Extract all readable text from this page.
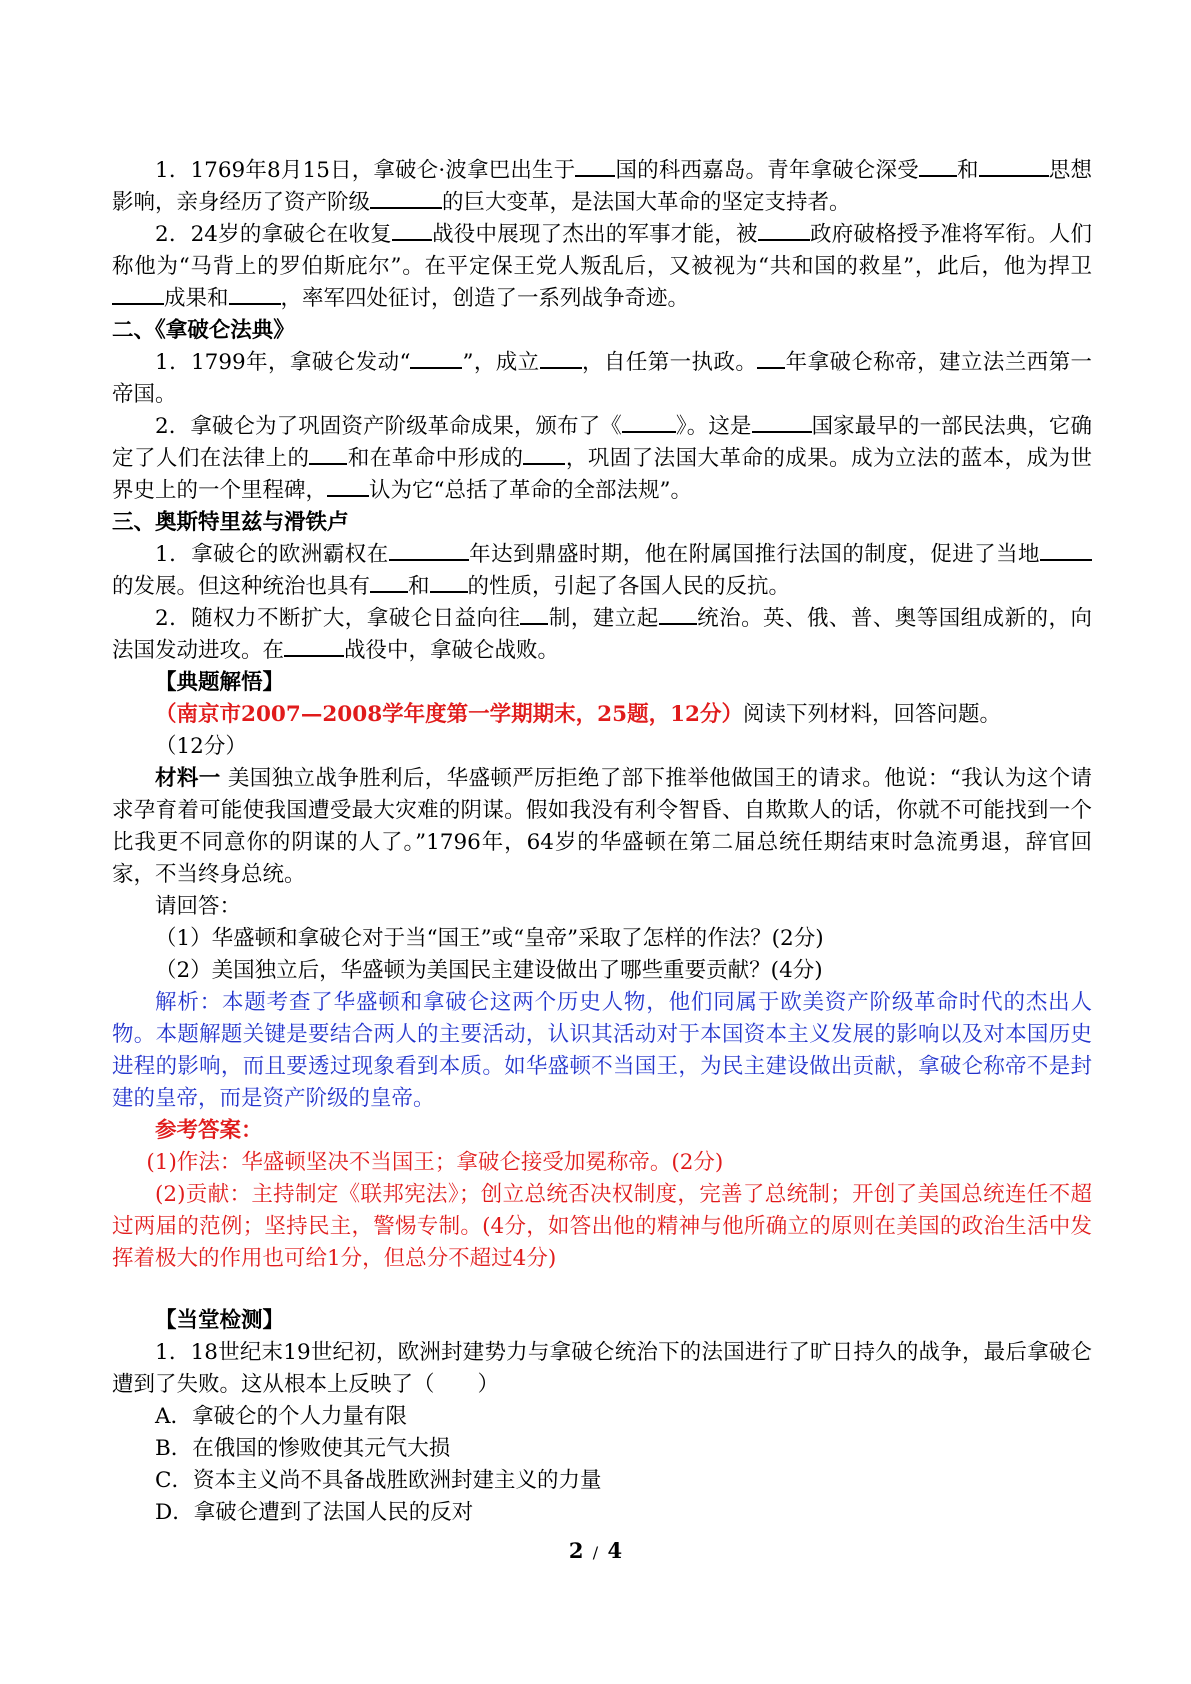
1．1769年8月15日，拿破仑·波拿巴出生于 国的科西嘉岛。青年拿破仑深受 和	思想影响，亲身经历了资产阶级	的巨大变革，是法国大革命的坚定支持者。

2．24岁的拿破仑在收复 战役中展现了杰出的军事才能，被 政府破格授予准将军衔。人们称他为“马背上的罗伯斯庇尔”。在平定保王党人叛乱后，又被视为“共和国的救星”，此后，他为捍卫成果和 ，率军四处征讨，创造了一系列战争奇迹。

二、《拿破仑法典》

1．1799年，拿破仑发动“ ”，成立 ，自任第一执政。 年拿破仑称帝，建立法兰西第一帝国。

2．拿破仑为了巩固资产阶级革命成果，颁布了《	》。这是	国家最早的一部民法典，它确定了人们在法律上的 和在革命中形成的 ，巩固了法国大革命的成果。成为立法的蓝本，成为世界史上的一个里程碑， 认为它“总括了革命的全部法规”。

三、奥斯特里兹与滑铁卢

1．拿破仑的欧洲霸权在	年达到鼎盛时期，他在附属国推行法国的制度，促进了当地的发展。但这种统治也具有 和 的性质，引起了各国人民的反抗。

2．随权力不断扩大，拿破仑日益向往 制，建立起 统治。英、俄、普、奥等国组成新的，向法国发动进攻。在	战役中，拿破仑战败。

【典题解悟】

（南京市2007—2008学年度第一学期期末，25题，12分）阅读下列材料，回答问题。

（12分）

材料一 美国独立战争胜利后，华盛顿严厉拒绝了部下推举他做国王的请求。他说：“我认为这个请求孕育着可能使我国遭受最大灾难的阴谋。假如我没有利令智昏、自欺欺人的话，你就不可能找到一个比我更不同意你的阴谋的人了。”1796年，64岁的华盛顿在第二届总统任期结束时急流勇退，辞官回家，不当终身总统。

请回答：

（1）华盛顿和拿破仑对于当“国王”或“皇帝”采取了怎样的作法？(2分)

（2）美国独立后，华盛顿为美国民主建设做出了哪些重要贡献？(4分)

解析：本题考查了华盛顿和拿破仑这两个历史人物，他们同属于欧美资产阶级革命时代的杰出人物。本题解题关键是要结合两人的主要活动，认识其活动对于本国资本主义发展的影响以及对本国历史进程的影响，而且要透过现象看到本质。如华盛顿不当国王，为民主建设做出贡献，拿破仑称帝不是封建的皇帝，而是资产阶级的皇帝。

参考答案：

(1)作法：华盛顿坚决不当国王；拿破仑接受加冕称帝。(2分)

(2)贡献：主持制定《联邦宪法》；创立总统否决权制度，完善了总统制；开创了美国总统连任不超过两届的范例；坚持民主，警惕专制。(4分，如答出他的精神与他所确立的原则在美国的政治生活中发挥着极大的作用也可给1分，但总分不超过4分)

【当堂检测】

1．18世纪末19世纪初，欧洲封建势力与拿破仑统治下的法国进行了旷日持久的战争，最后拿破仑遭到了失败。这从根本上反映了（　　）

A．拿破仑的个人力量有限

B．在俄国的惨败使其元气大损

C．资本主义尚不具备战胜欧洲封建主义的力量

D．拿破仑遭到了法国人民的反对

2 / 4
